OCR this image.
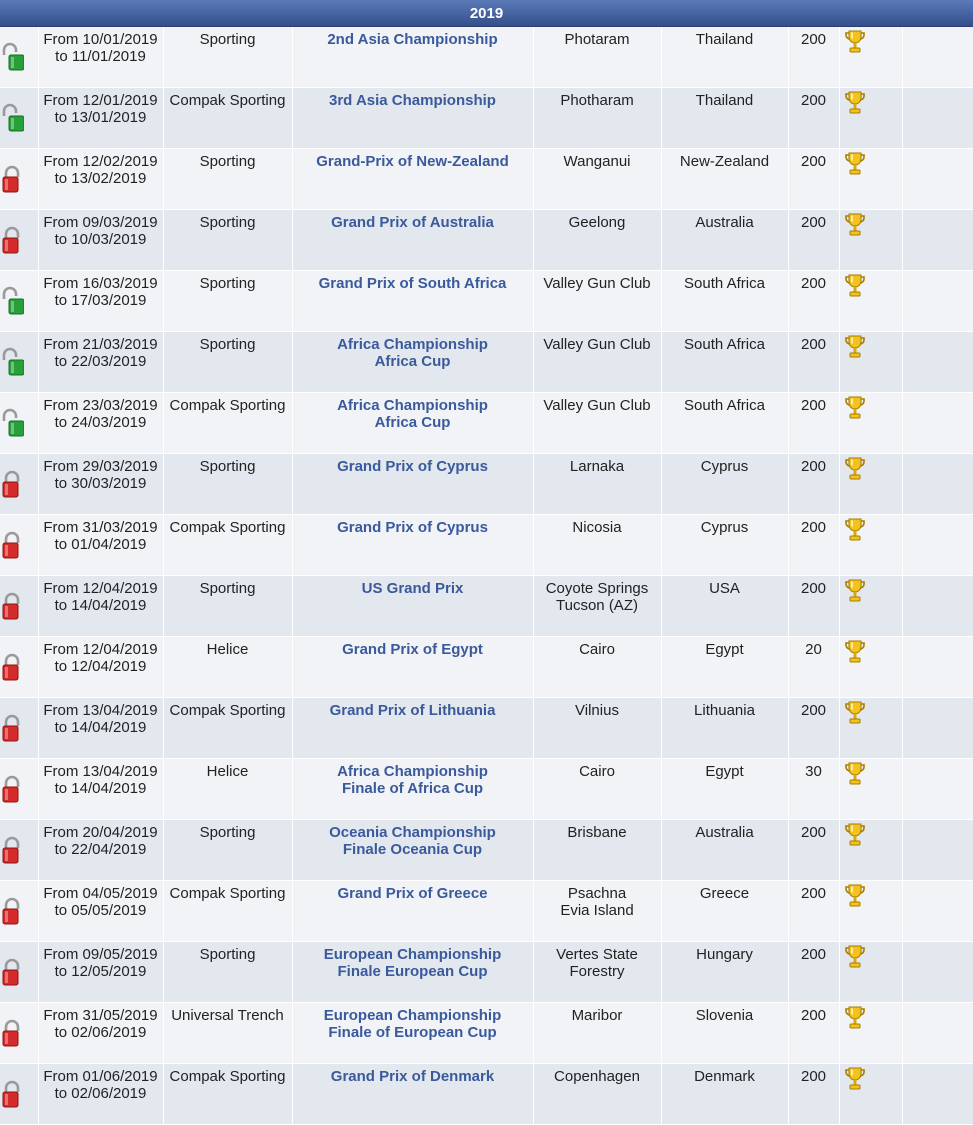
2019								

From 10/01/2019
to 11/01/2019	Sporting	2nd Asia Championship	Photaram	Thailand	200	

From 12/01/2019
to 13/01/2019	Compak Sporting	3rd Asia Championship	Photharam	Thailand	200	

From 12/02/2019
to 13/02/2019	Sporting	Grand-Prix of New-Zealand	Wanganui	New-Zealand	200	

From 09/03/2019
to 10/03/2019	Sporting	Grand Prix of Australia	Geelong	Australia	200	

From 16/03/2019
to 17/03/2019	Sporting	Grand Prix of South Africa	Valley Gun Club	South Africa	200	

From 21/03/2019
to 22/03/2019	Sporting	Africa Championship
Africa Cup	Valley Gun Club	South Africa	200	

From 23/03/2019
to 24/03/2019	Compak Sporting	Africa Championship
Africa Cup	Valley Gun Club	South Africa	200	

From 29/03/2019
to 30/03/2019	Sporting	Grand Prix of Cyprus	Larnaka	Cyprus	200	

From 31/03/2019
to 01/04/2019	Compak Sporting	Grand Prix of Cyprus	Nicosia	Cyprus	200	

From 12/04/2019
to 14/04/2019	Sporting	US Grand Prix	Coyote Springs
Tucson (AZ)	USA	200	

From 12/04/2019
to 12/04/2019	Helice	Grand Prix of Egypt	Cairo	Egypt	20	

From 13/04/2019
to 14/04/2019	Compak Sporting	Grand Prix of Lithuania	Vilnius	Lithuania	200	

From 13/04/2019
to 14/04/2019	Helice	Africa Championship
Finale of Africa Cup	Cairo	Egypt	30	

From 20/04/2019
to 22/04/2019	Sporting	Oceania Championship
Finale Oceania Cup	Brisbane	Australia	200	

From 04/05/2019
to 05/05/2019	Compak Sporting	Grand Prix of Greece	Psachna
Evia Island	Greece	200	

From 09/05/2019
to 12/05/2019	Sporting	European Championship
Finale European Cup	Vertes State
Forestry	Hungary	200	

From 31/05/2019
to 02/06/2019	Universal Trench	European Championship
Finale of European Cup	Maribor	Slovenia	200	

From 01/06/2019
to 02/06/2019	Compak Sporting	Grand Prix of Denmark	Copenhagen	Denmark	200	
